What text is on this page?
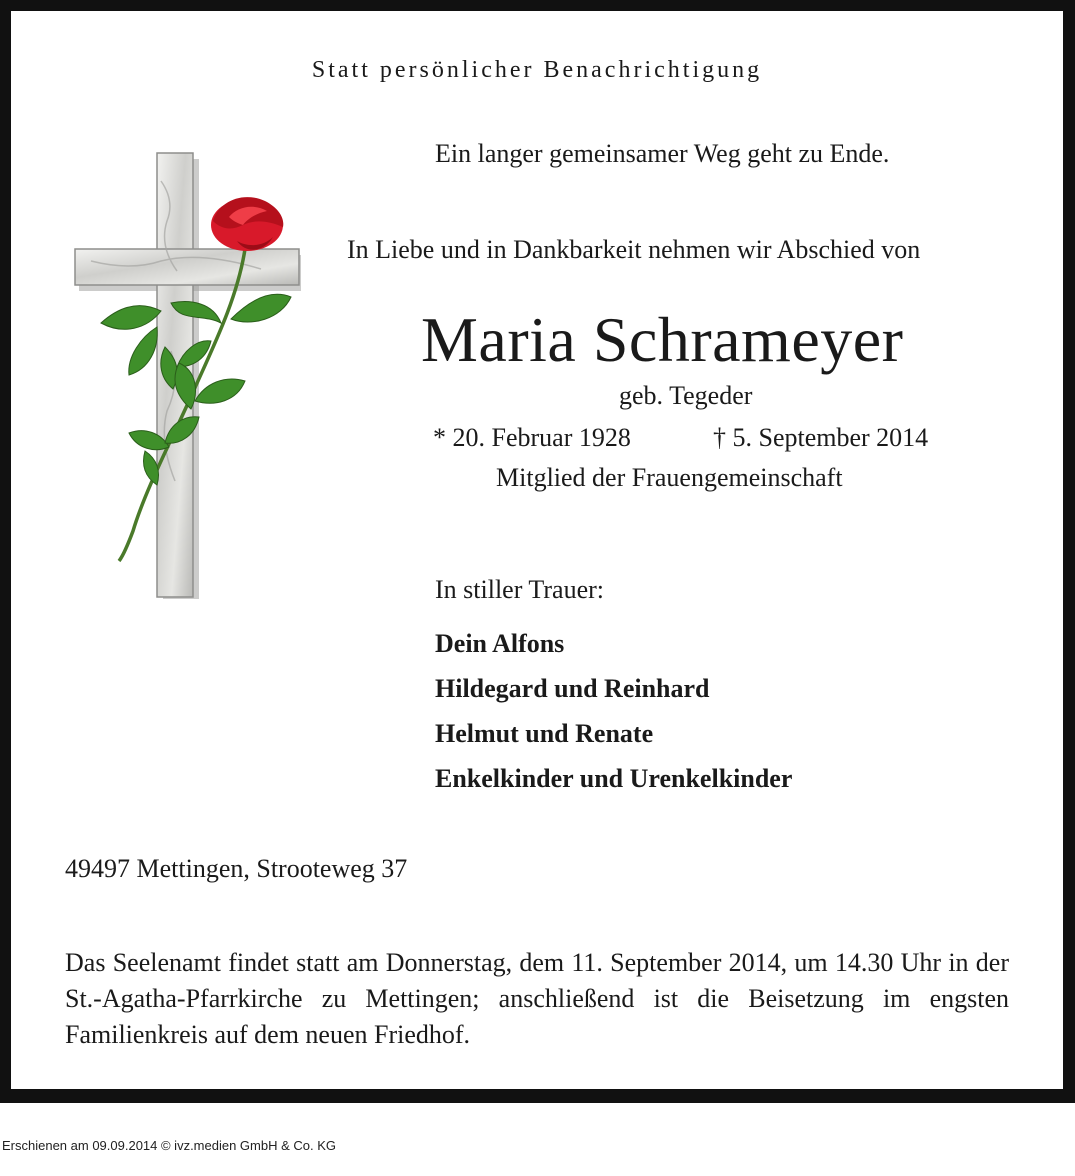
Statt persönlicher Benachrichtigung
Ein langer gemeinsamer Weg geht zu Ende.
In Liebe und in Dankbarkeit nehmen wir Abschied von
Maria Schrameyer
geb. Tegeder
* 20. Februar 1928	† 5. September 2014
Mitglied der Frauengemeinschaft
In stiller Trauer:
Dein Alfons
Hildegard und Reinhard
Helmut und Renate
Enkelkinder und Urenkelkinder
49497 Mettingen, Strooteweg 37
Das Seelenamt findet statt am Donnerstag, dem 11. September 2014, um 14.30 Uhr in der St.-Agatha-Pfarrkirche zu Mettingen; anschließend ist die Beisetzung im engsten Familienkreis auf dem neuen Friedhof.
Erschienen am 09.09.2014 © ivz.medien GmbH & Co. KG
